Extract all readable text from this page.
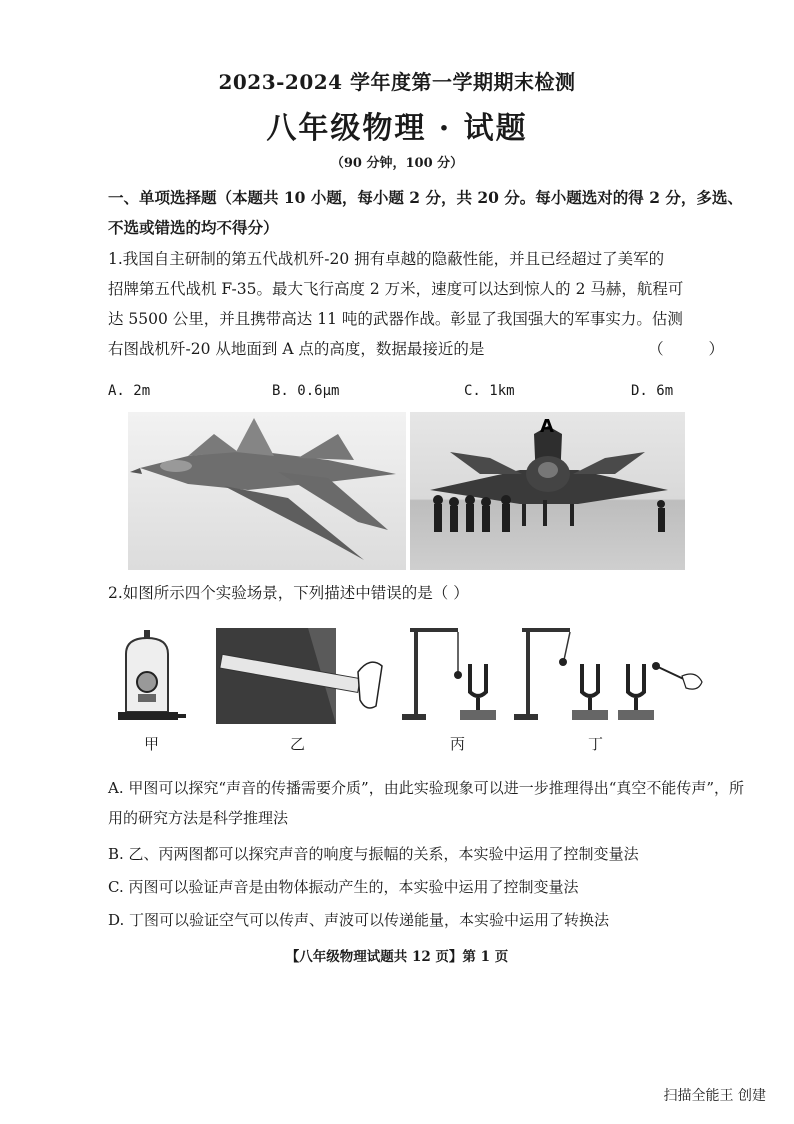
2023-2024 学年度第一学期期末检测
八年级物理 · 试题
（90 分钟，100 分）
一、单项选择题（本题共 10 小题，每小题 2 分，共 20 分。每小题选对的得 2 分，多选、不选或错选的均不得分）
1.我国自主研制的第五代战机歼-20 拥有卓越的隐蔽性能，并且已经超过了美军的
招牌第五代战机 F-35。最大飞行高度 2 万米，速度可以达到惊人的 2 马赫，航程可
达 5500 公里，并且携带高达 11 吨的武器作战。彰显了我国强大的军事实力。估测
右图战机歼-20 从地面到 A 点的高度，数据最接近的是	（ ）
A. 2m	B. 0.6μm	C. 1km	D. 6m
A
2.如图所示四个实验场景，下列描述中错误的是（ ）
甲	乙	丙	丁
A. 甲图可以探究“声音的传播需要介质”，由此实验现象可以进一步推理得出“真空不能传声”，所用的研究方法是科学推理法
B. 乙、丙两图都可以探究声音的响度与振幅的关系，本实验中运用了控制变量法
C. 丙图可以验证声音是由物体振动产生的，本实验中运用了控制变量法
D. 丁图可以验证空气可以传声、声波可以传递能量，本实验中运用了转换法
【八年级物理试题共 12 页】第 1 页
扫描全能王 创建
